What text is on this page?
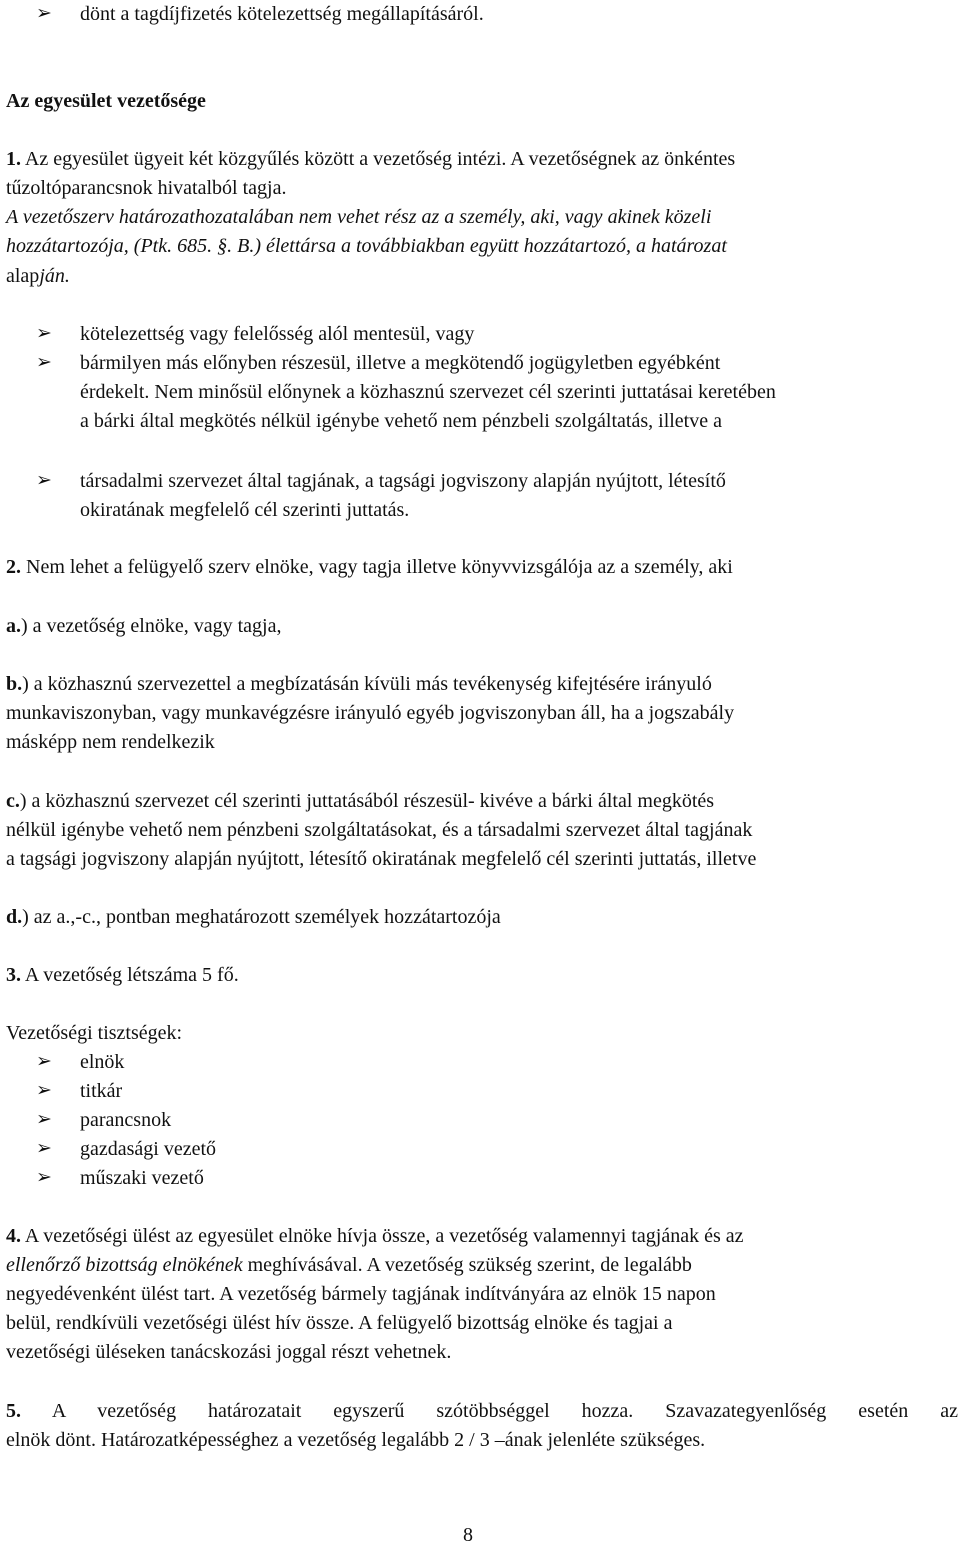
➢	dönt a tagdíjfizetés kötelezettség megállapításáról.
Az egyesület vezetősége
1. Az egyesület ügyeit két közgyűlés között a vezetőség intézi. A vezetőségnek az önkéntes
tűzoltóparancsnok hivatalból tagja.
A vezetőszerv határozathozatalában nem vehet rész az a személy, aki, vagy akinek közeli
hozzátartozója, (Ptk. 685. §. B.) élettársa a továbbiakban együtt hozzátartozó, a határozat
alapján.
➢	kötelezettség vagy felelősség alól mentesül, vagy
➢	bármilyen más előnyben részesül, illetve a megkötendő jogügyletben egyébként
érdekelt. Nem minősül előnynek a közhasznú szervezet cél szerinti juttatásai keretében
a bárki által megkötés nélkül igénybe vehető nem pénzbeli szolgáltatás, illetve a
➢	társadalmi szervezet által tagjának, a tagsági jogviszony alapján nyújtott, létesítő
okiratának megfelelő cél szerinti juttatás.
2. Nem lehet a felügyelő szerv elnöke, vagy tagja illetve könyvvizsgálója az a személy, aki
a.) a vezetőség elnöke, vagy tagja,
b.) a közhasznú szervezettel a megbízatásán kívüli más tevékenység kifejtésére irányuló
munkaviszonyban, vagy munkavégzésre irányuló egyéb jogviszonyban áll, ha a jogszabály
másképp nem rendelkezik
c.) a közhasznú szervezet cél szerinti juttatásából részesül- kivéve a bárki által megkötés
nélkül igénybe vehető nem pénzbeni szolgáltatásokat, és a társadalmi szervezet által tagjának
a tagsági jogviszony alapján nyújtott, létesítő okiratának megfelelő cél szerinti juttatás, illetve
d.) az a.,-c., pontban meghatározott személyek hozzátartozója
3. A vezetőség létszáma 5 fő.
Vezetőségi tisztségek:
➢	elnök
➢	titkár
➢	parancsnok
➢	gazdasági vezető
➢	műszaki vezető
4. A vezetőségi ülést az egyesület elnöke hívja össze, a vezetőség valamennyi tagjának és az
ellenőrző bizottság elnökének meghívásával. A vezetőség szükség szerint, de legalább
negyedévenként ülést tart. A vezetőség bármely tagjának indítványára az elnök 15 napon
belül, rendkívüli vezetőségi ülést hív össze. A felügyelő bizottság elnöke és tagjai a
vezetőségi üléseken tanácskozási joggal részt vehetnek.
5. A vezetőség határozatait egyszerű szótöbbséggel hozza. Szavazategyenlőség esetén az
elnök dönt. Határozatképességhez a vezetőség legalább 2 / 3 –ának jelenléte szükséges.
8
